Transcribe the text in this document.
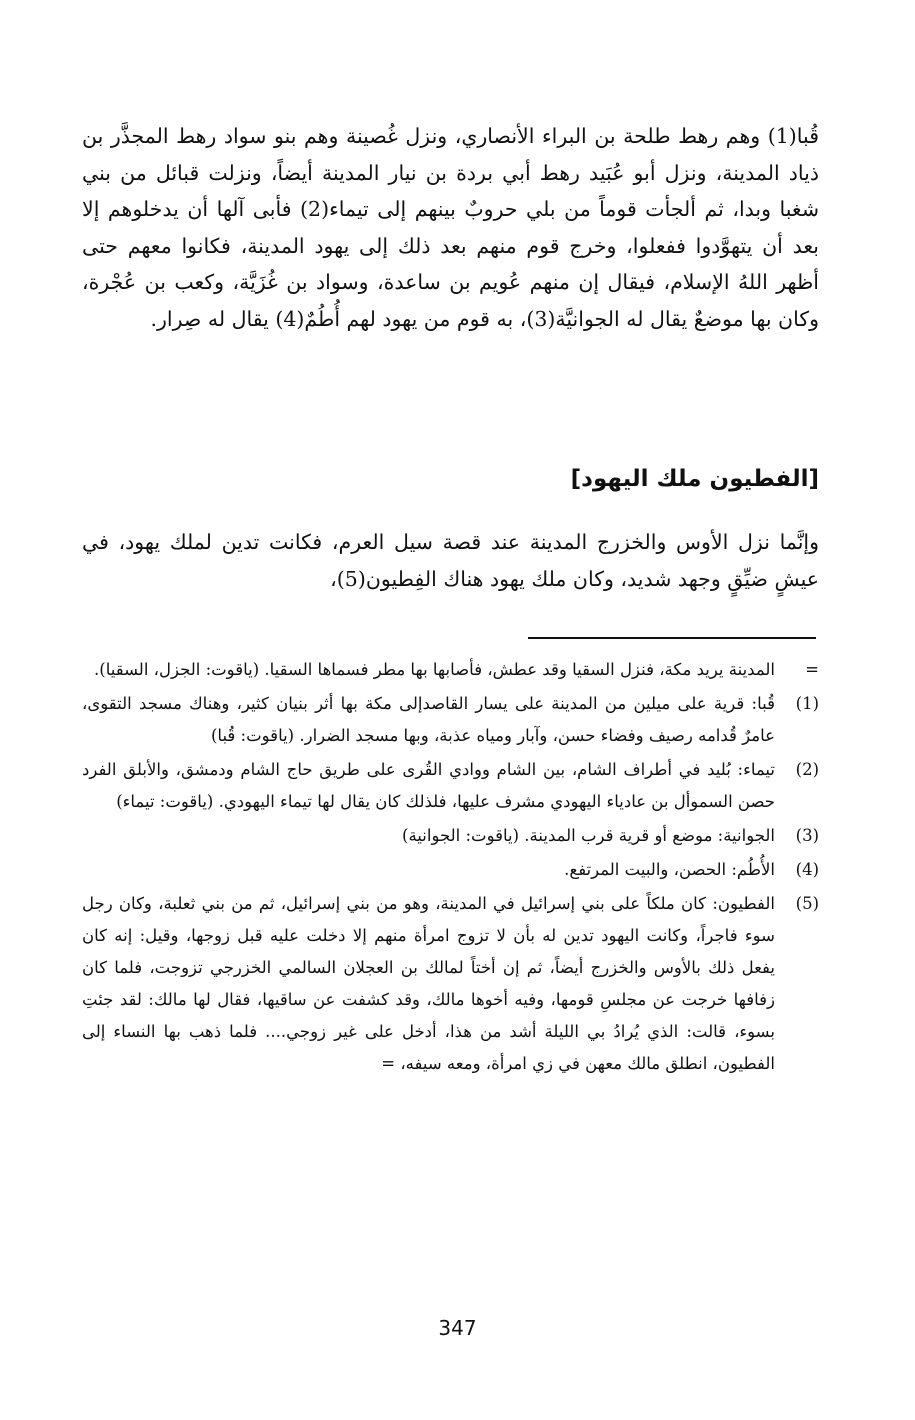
قُبا(1) وهم رهط طلحة بن البراء الأنصاري، ونزل غُصينة وهم بنو سواد رهط المجذَّر بن ذياد المدينة، ونزل أبو عُبَيد رهط أبي بردة بن نيار المدينة أيضاً، ونزلت قبائل من بني شغبا وبدا، ثم ألجأت قوماً من بلي حروبٌ بينهم إلى تيماء(2) فأبى آلها أن يدخلوهم إلا بعد أن يتهوَّدوا ففعلوا، وخرج قوم منهم بعد ذلك إلى يهود المدينة، فكانوا معهم حتى أظهر اللهُ الإسلام، فيقال إن منهم عُويم بن ساعدة، وسواد بن غُزَيَّة، وكعب بن عُجْرة، وكان بها موضعٌ يقال له الجوانيَّة(3)، به قوم من يهود لهم أُطُمٌ(4) يقال له صِرار.

[الفطيون ملك اليهود]

وإنَّما نزل الأوس والخزرج المدينة عند قصة سيل العرم، فكانت تدين لملك يهود، في عيشٍ ضيِّقٍ وجهد شديد، وكان ملك يهود هناك الفِطيون(5)،

=
المدينة يريد مكة، فنزل السقيا وقد عطش، فأصابها بها مطر فسماها السقيا. (ياقوت: الجزل، السقيا).
(1)
قُبا: قرية على ميلين من المدينة على يسار القاصدإلى مكة بها أثر بنيان كثير، وهناك مسجد التقوى، عامرٌ قُدامه رصيف وفضاء حسن، وآبار ومياه عذبة، وبها مسجد الضرار. (ياقوت: قُبا)
(2)
تيماء: بُليد في أطراف الشام، بين الشام ووادي القُرى على طريق حاج الشام ودمشق، والأبلق الفرد حصن السموأل بن عادياء اليهودي مشرف عليها، فلذلك كان يقال لها تيماء اليهودي. (ياقوت: تيماء)
(3)
الجوانية: موضع أو قرية قرب المدينة. (ياقوت: الجوانية)
(4)
الأُطُم: الحصن، والبيت المرتفع.
(5)
الفطيون: كان ملكاً على بني إسرائيل في المدينة، وهو من بني إسرائيل، ثم من بني ثعلبة، وكان رجل سوء فاجراً، وكانت اليهود تدين له بأن لا تزوج امرأة منهم إلا دخلت عليه قبل زوجها، وقيل: إنه كان يفعل ذلك بالأوس والخزرج أيضاً، ثم إن أختاً لمالك بن العجلان السالمي الخزرجي تزوجت، فلما كان زفافها خرجت عن مجلسِ قومها، وفيه أخوها مالك، وقد كشفت عن ساقيها، فقال لها مالك: لقد جئتِ بسوء، قالت: الذي يُرادُ بي الليلة أشد من هذا، أدخل على غير زوجي.... فلما ذهب بها النساء إلى الفطيون، انطلق مالك معهن في زي امرأة، ومعه سيفه، =
347
